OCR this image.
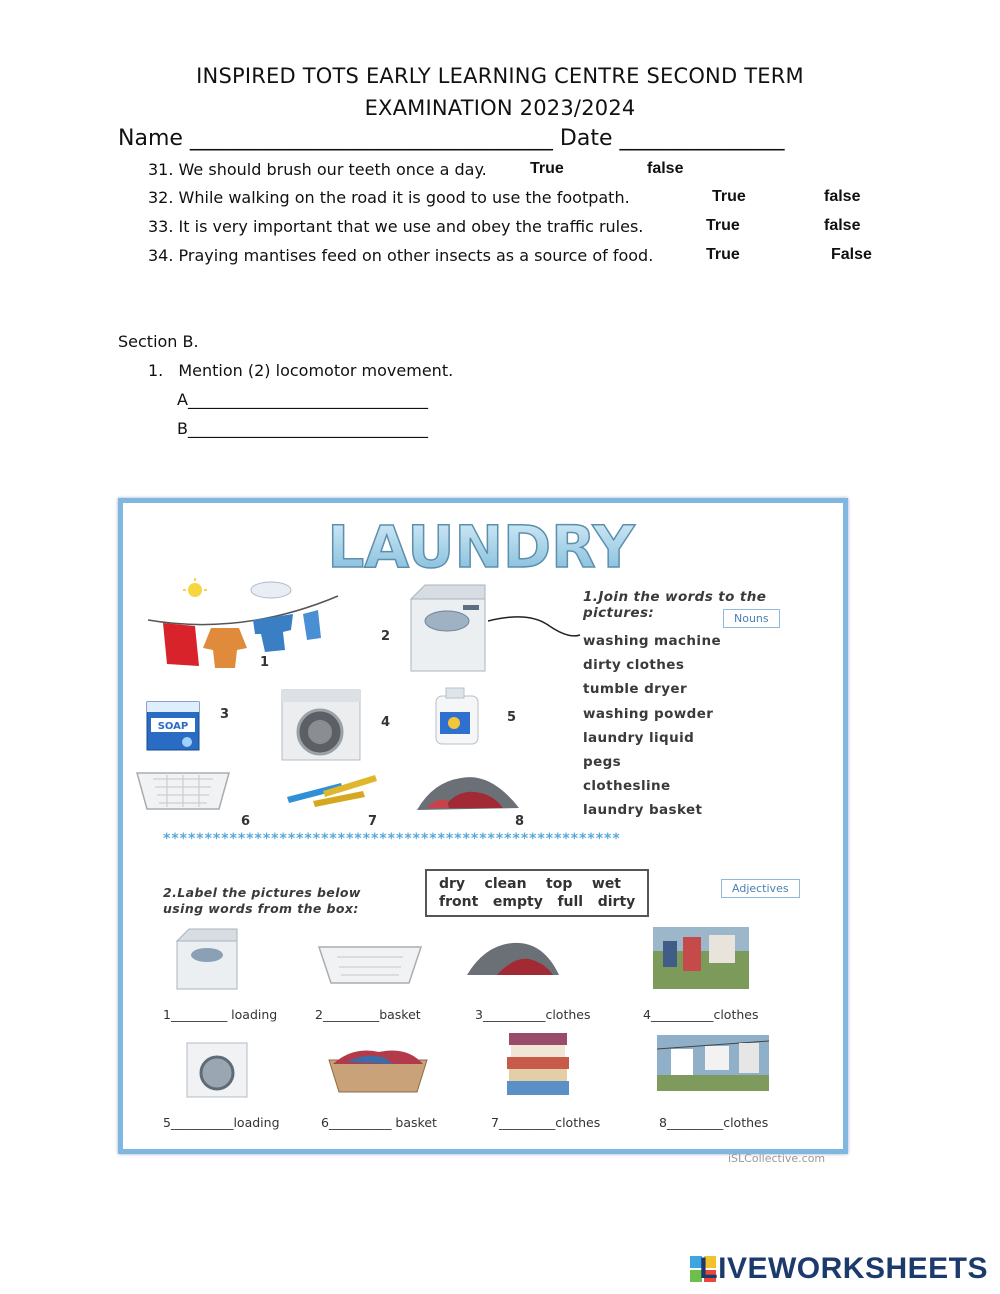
INSPIRED TOTS EARLY LEARNING CENTRE SECOND TERM
EXAMINATION 2023/2024
Name _________________________________ Date _______________
31. We should brush our teeth once a day.	True	false
32. While walking on the road it is good to use the footpath.	True	false
33. It is very important that we use and obey the traffic rules.	True	false
34. Praying mantises feed on other insects as a source of food.	True	False
Section B.
1. Mention (2) locomotor movement.
A______________________________
B______________________________
LAUNDRY
1
2
SOAP
3
4	5
6	7	8
1.Join the words to the pictures:	Nouns
washing machine
dirty clothes
tumble dryer
washing powder
laundry liquid
pegs
clothesline
laundry basket
*******************************************************
2.Label the pictures below
using words from the box:
dry    clean    top    wet
front   empty   full   dirty
Adjectives
1_________ loading	2_________basket	3__________clothes	4__________clothes
5__________loading	6__________ basket	7_________clothes	8_________clothes
iSLCollective.com
LIVEWORKSHEETS
